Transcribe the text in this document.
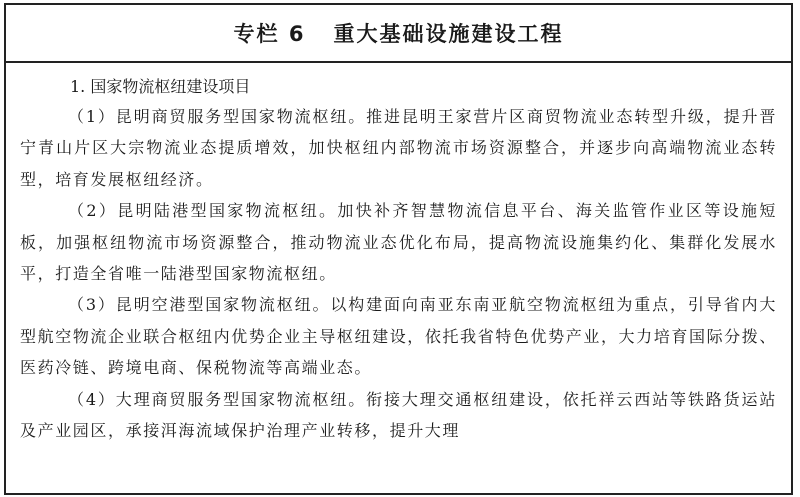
专栏 6 重大基础设施建设工程
1. 国家物流枢纽建设项目

（1）昆明商贸服务型国家物流枢纽。推进昆明王家营片区商贸物流业态转型升级，提升晋宁青山片区大宗物流业态提质增效，加快枢纽内部物流市场资源整合，并逐步向高端物流业态转型，培育发展枢纽经济。

（2）昆明陆港型国家物流枢纽。加快补齐智慧物流信息平台、海关监管作业区等设施短板，加强枢纽物流市场资源整合，推动物流业态优化布局，提高物流设施集约化、集群化发展水平，打造全省唯一陆港型国家物流枢纽。

（3）昆明空港型国家物流枢纽。以构建面向南亚东南亚航空物流枢纽为重点，引导省内大型航空物流企业联合枢纽内优势企业主导枢纽建设，依托我省特色优势产业，大力培育国际分拨、医药冷链、跨境电商、保税物流等高端业态。

（4）大理商贸服务型国家物流枢纽。衔接大理交通枢纽建设，依托祥云西站等铁路货运站及产业园区，承接洱海流域保护治理产业转移，提升大理
